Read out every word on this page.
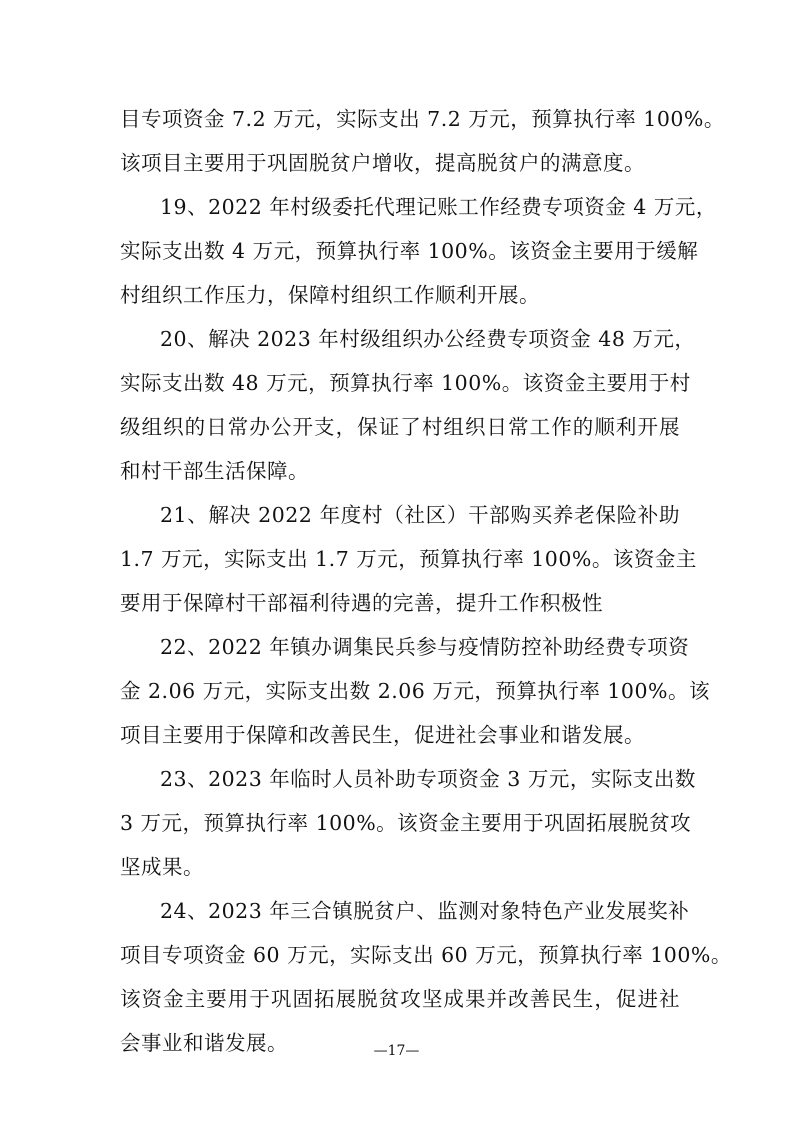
目专项资金 7.2 万元，实际支出 7.2 万元，预算执行率 100%。
该项目主要用于巩固脱贫户增收，提高脱贫户的满意度。
19、2022 年村级委托代理记账工作经费专项资金 4 万元，
实际支出数 4 万元，预算执行率 100%。该资金主要用于缓解
村组织工作压力，保障村组织工作顺利开展。
20、解决 2023 年村级组织办公经费专项资金 48 万元，
实际支出数 48 万元，预算执行率 100%。该资金主要用于村
级组织的日常办公开支，保证了村组织日常工作的顺利开展
和村干部生活保障。
21、解决 2022 年度村（社区）干部购买养老保险补助
1.7 万元，实际支出 1.7 万元，预算执行率 100%。该资金主
要用于保障村干部福利待遇的完善，提升工作积极性
22、2022 年镇办调集民兵参与疫情防控补助经费专项资
金 2.06 万元，实际支出数 2.06 万元，预算执行率 100%。该
项目主要用于保障和改善民生，促进社会事业和谐发展。
23、2023 年临时人员补助专项资金 3 万元，实际支出数
3 万元，预算执行率 100%。该资金主要用于巩固拓展脱贫攻
坚成果。
24、2023 年三合镇脱贫户、监测对象特色产业发展奖补
项目专项资金 60 万元，实际支出 60 万元，预算执行率 100%。
该资金主要用于巩固拓展脱贫攻坚成果并改善民生，促进社
会事业和谐发展。	—17—
